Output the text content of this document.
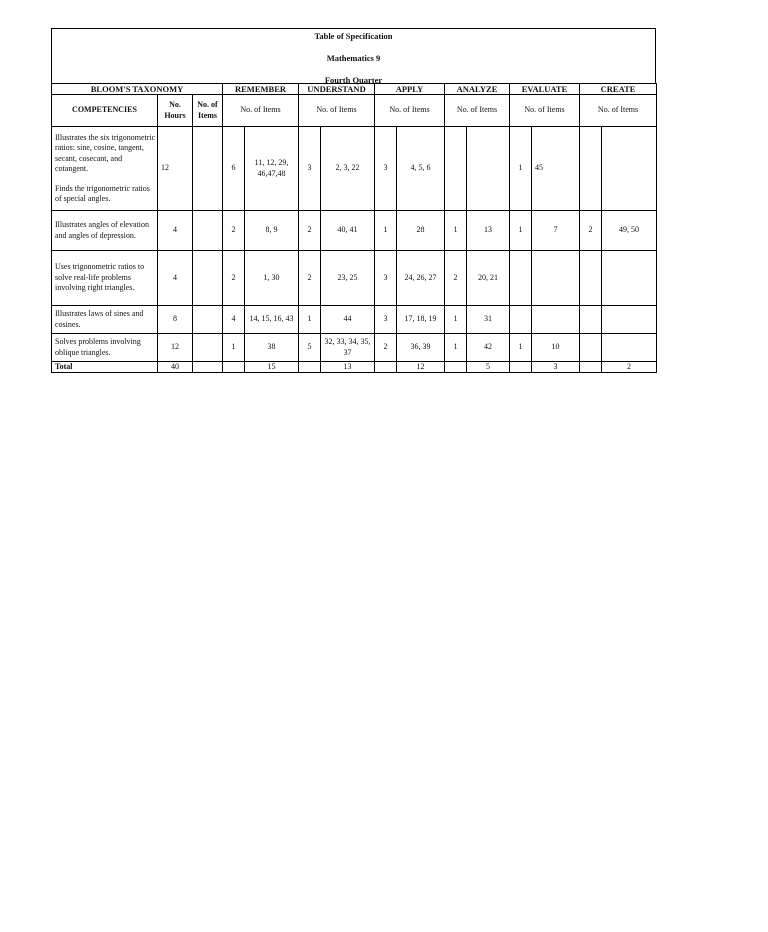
Table of Specification
Mathematics 9
Fourth Quarter
BLOOM'S TAXONOMY			REMEMBER		UNDERSTAND		APPLY		ANALYZE		EVALUATE		CREATE	
COMPETENCIES	No. Hours	No. of Items	No. of Items		No. of Items		No. of Items		No. of Items		No. of Items		No. of Items	

Illustrates the six trigonometric ratios: sine, cosine, tangent, secant, cosecant, and cotangent.
Finds the trigonometric ratios of special angles.	12		6	11, 12, 29, 46,47,48	3	2, 3, 22	3	4, 5, 6			1	45		
Illustrates angles of elevation and angles of depression.	4		2	8, 9	2	40, 41	1	28	1	13	1	7	2	49, 50
Uses trigonometric ratios to solve real-life problems involving right triangles.	4		2	1, 30	2	23, 25	3	24, 26, 27	2	20, 21				
Illustrates laws of sines and cosines.	8		4	14, 15, 16, 43	1	44	3	17, 18, 19	1	31				
Solves problems involving oblique triangles.	12		1	38	5	32, 33, 34, 35, 37	2	36, 39	1	42	1	10		
Total	40			15		13		12		5		3		2
